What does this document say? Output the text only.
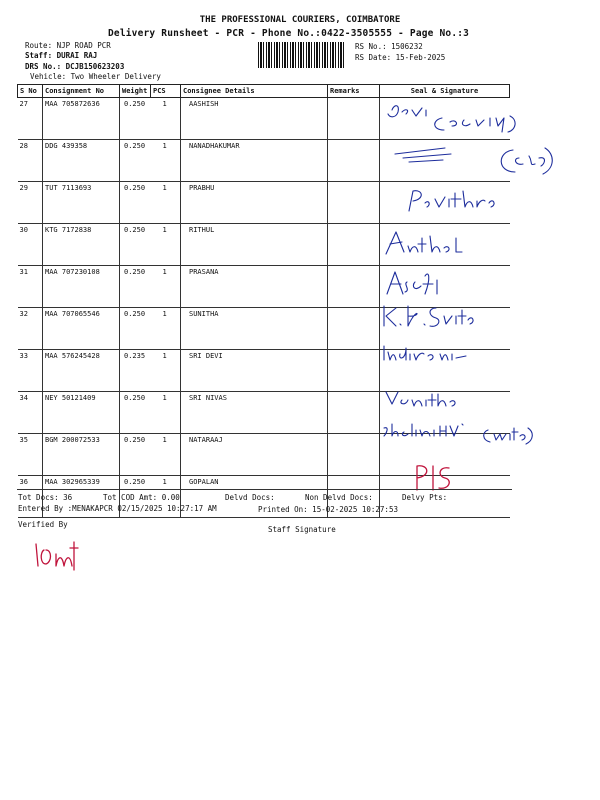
THE PROFESSIONAL COURIERS, COIMBATORE
Delivery Runsheet - PCR - Phone No.:0422-3505555 - Page No.:3
Route: NJP ROAD PCR
Staff: DURAI RAJ
DRS No.: DCJB150623203
Vehicle: Two Wheeler Delivery
RS No.: 1506232
RS Date: 15-Feb-2025
S No	Consignment No	Weight	PCS	Consignee Details	Remarks	Seal & Signature
27	MAA 705872636	0.250	1	AASHISH		
28	DDG 439358	0.250	1	NANADHAKUMAR		
29	TUT 7113693	0.250	1	PRABHU		
30	KTG 7172838	0.250	1	RITHUL		
31	MAA 707230108	0.250	1	PRASANA		
32	MAA 707065546	0.250	1	SUNITHA		
33	MAA 576245428	0.235	1	SRI DEVI		
34	NEY 50121409	0.250	1	SRI NIVAS		
35	BGM 200072533	0.250	1	NATARAAJ		
36	MAA 302965339	0.250	1	GOPALAN		
Tot Docs: 36	Tot COD Amt: 0.00	Delvd Docs:	Non Delvd Docs:	Delvy Pts:
Entered By :MENAKAPCR 02/15/2025 10:27:17 AM	Printed On: 15-02-2025 10:27:53
Verified By
Staff Signature
